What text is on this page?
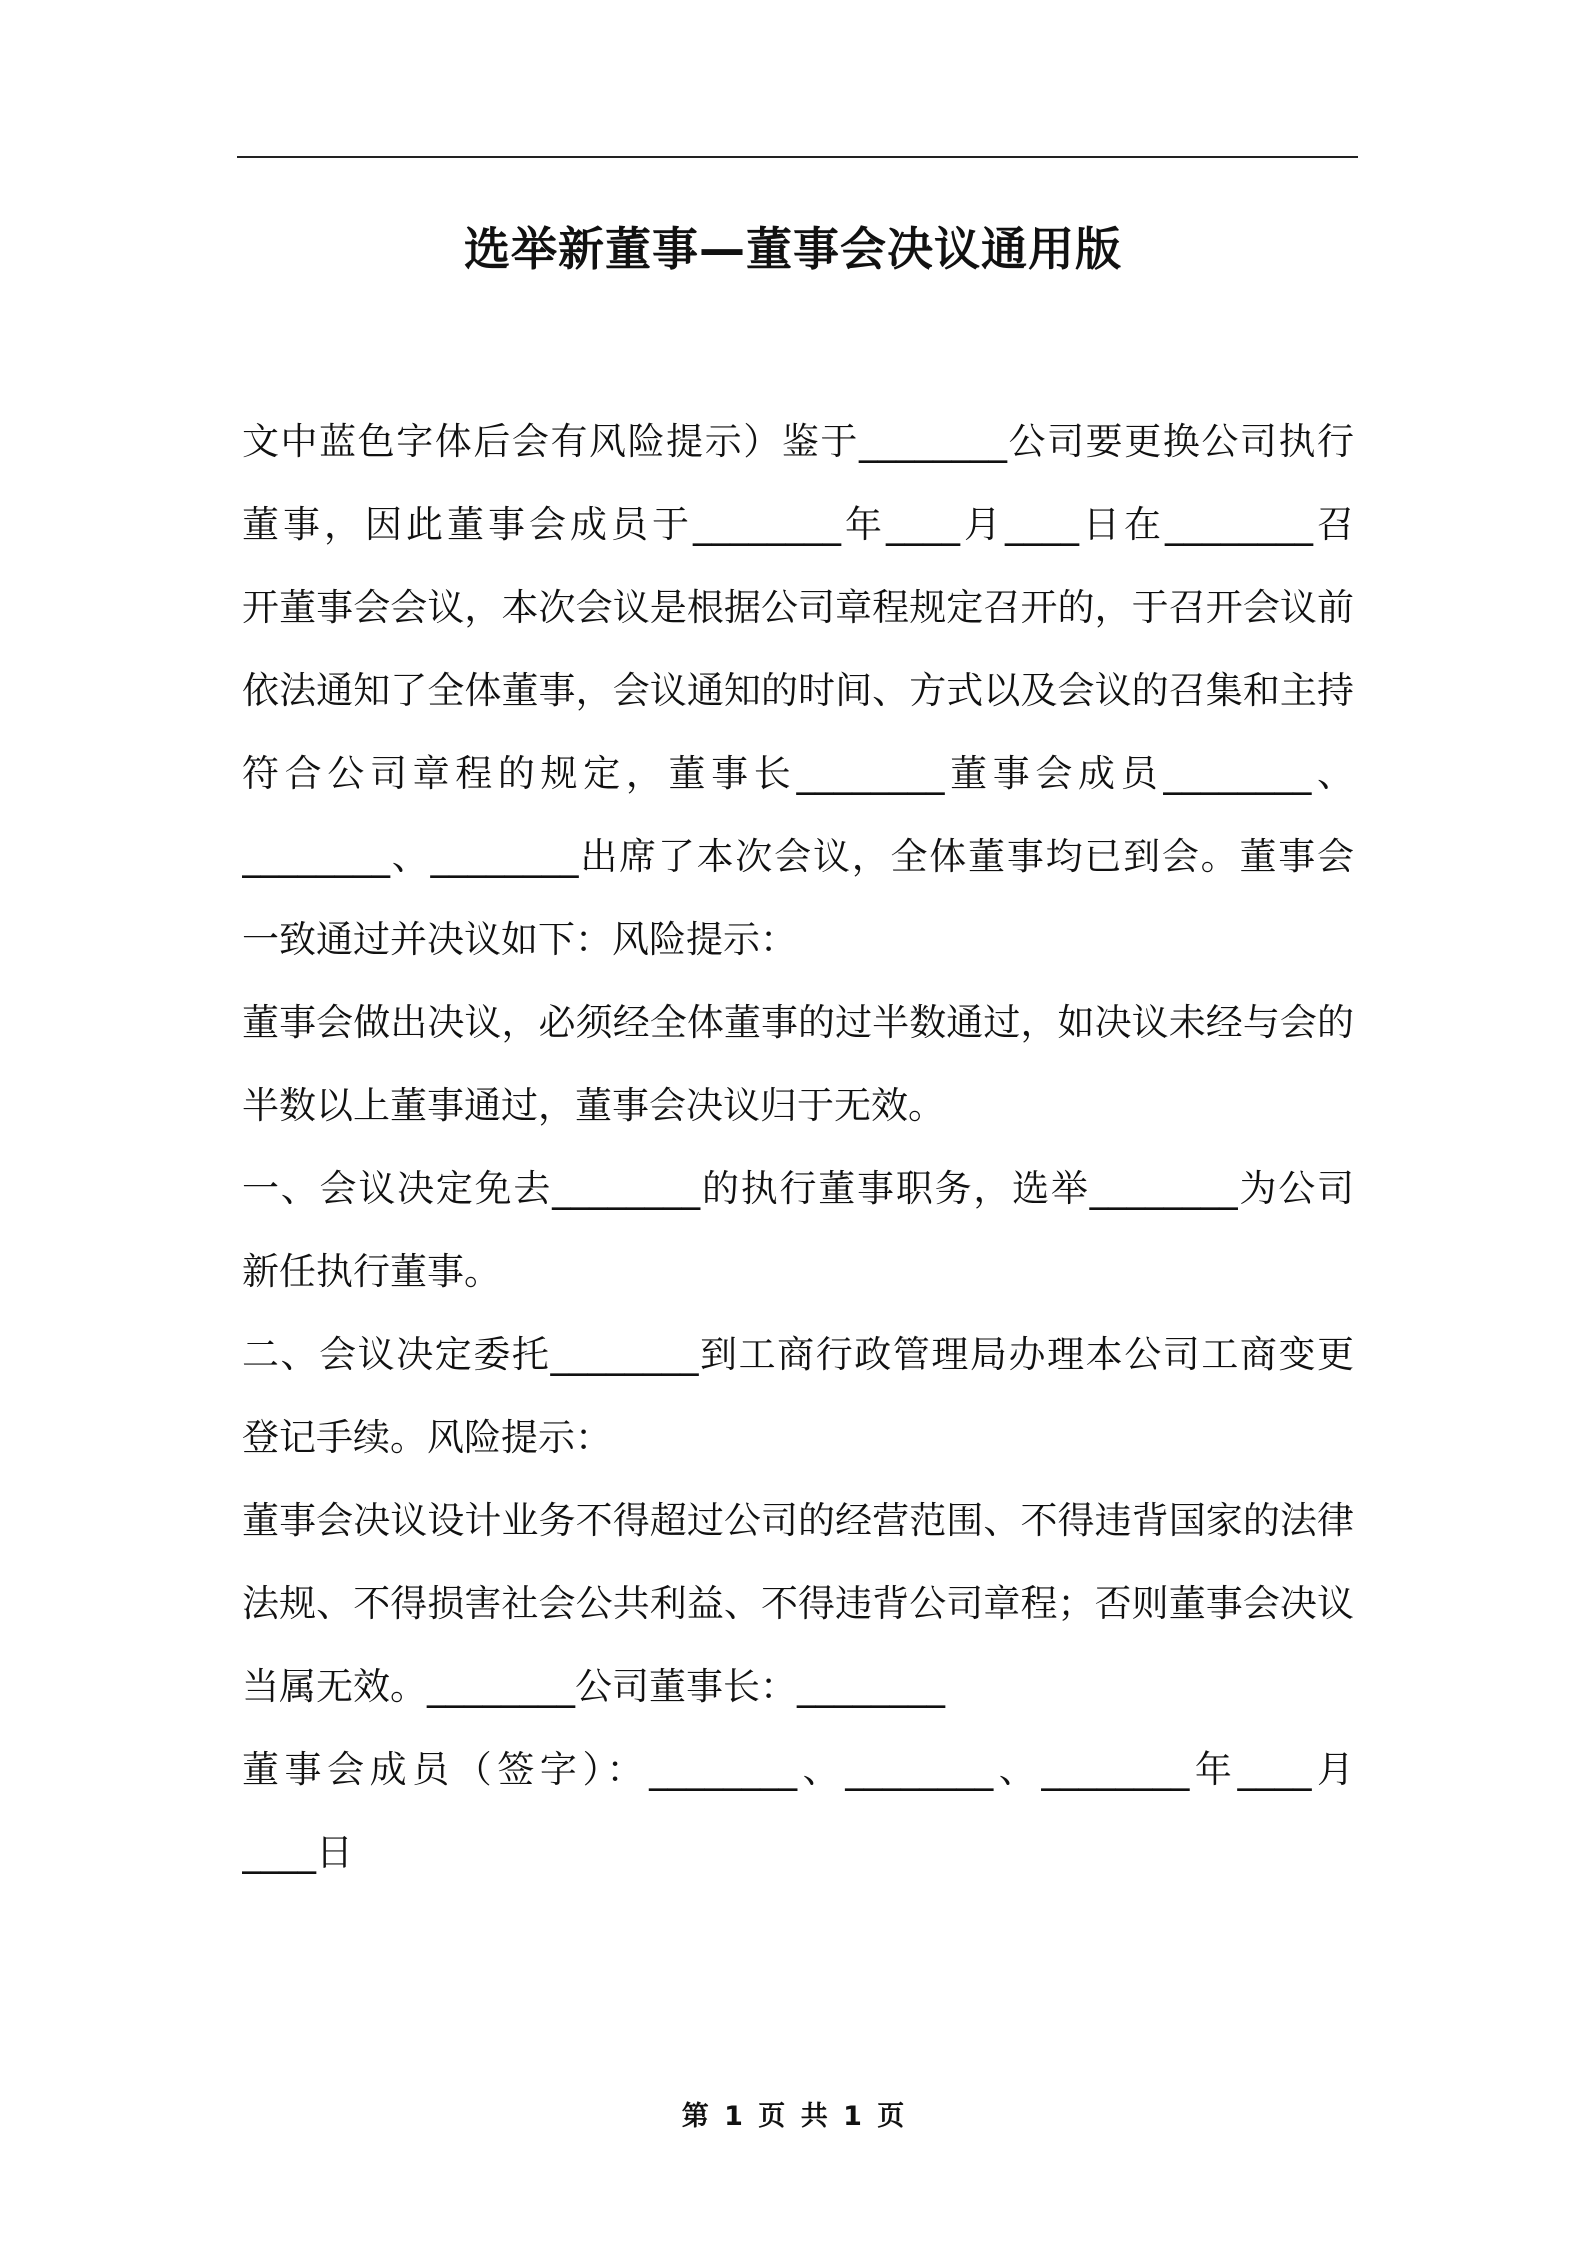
选举新董事—董事会决议通用版
文中蓝色字体后会有风险提示）鉴于________公司要更换公司执行
董事，因此董事会成员于________年____月____日在________召
开董事会会议，本次会议是根据公司章程规定召开的，于召开会议前
依法通知了全体董事，会议通知的时间、方式以及会议的召集和主持
符合公司章程的规定，董事长________董事会成员________、
________、________出席了本次会议，全体董事均已到会。董事会
一致通过并决议如下：风险提示：
董事会做出决议，必须经全体董事的过半数通过，如决议未经与会的
半数以上董事通过，董事会决议归于无效。
一、会议决定免去________的执行董事职务，选举________为公司
新任执行董事。
二、会议决定委托________到工商行政管理局办理本公司工商变更
登记手续。风险提示：
董事会决议设计业务不得超过公司的经营范围、不得违背国家的法律
法规、不得损害社会公共利益、不得违背公司章程；否则董事会决议
当属无效。________公司董事长：________
董事会成员（签字）：________、________、________年____月
____日
第 1 页 共 1 页
